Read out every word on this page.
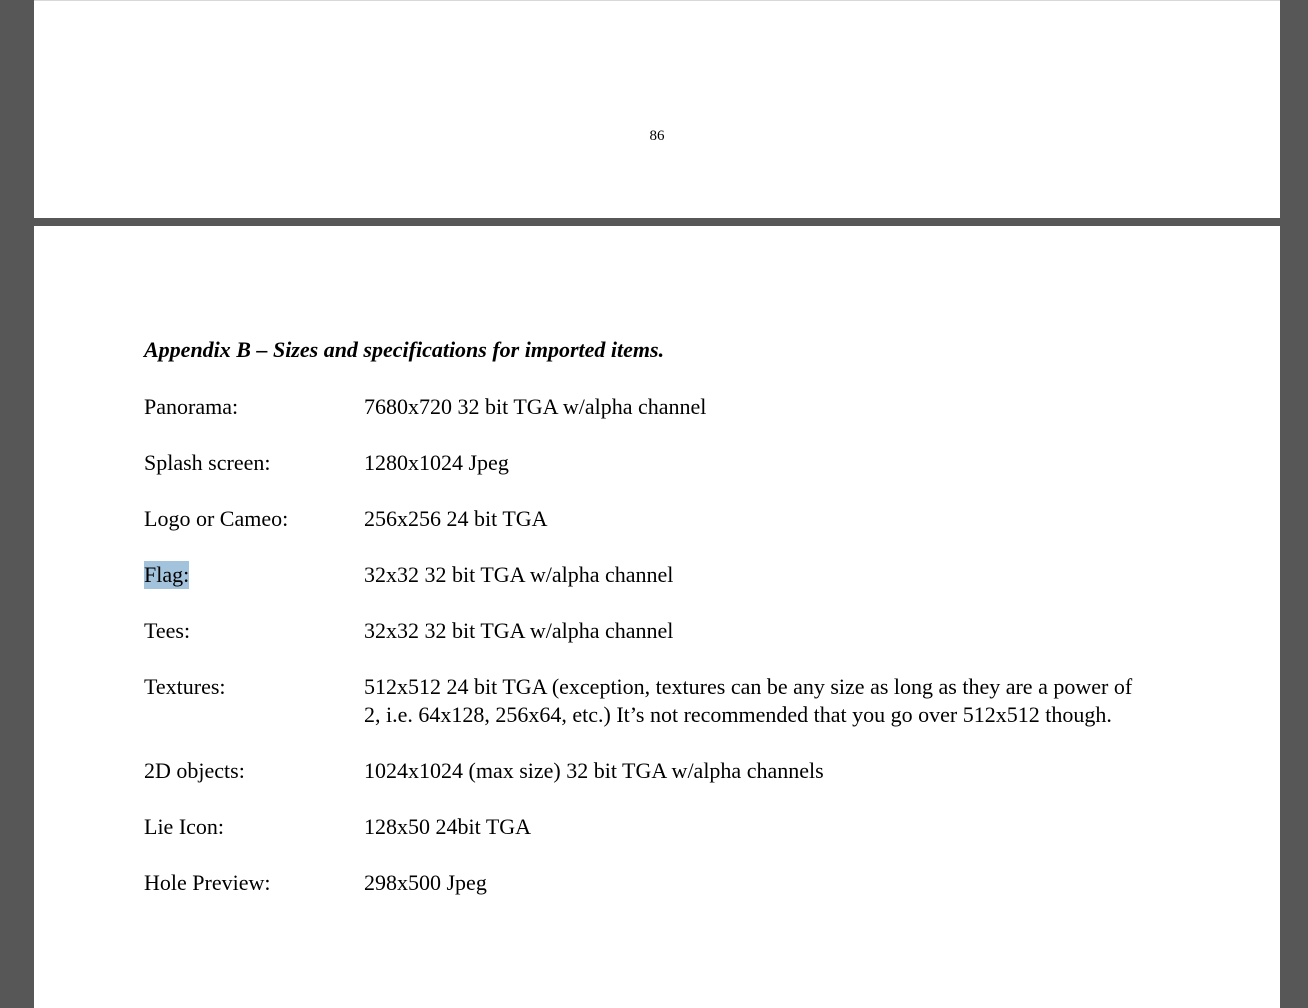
86
Appendix B – Sizes and specifications for imported items.
Panorama:	7680x720 32 bit TGA w/alpha channel
Splash screen:	1280x1024 Jpeg
Logo or Cameo:	256x256 24 bit TGA
Flag:	32x32 32 bit TGA w/alpha channel
Tees:	32x32 32 bit TGA w/alpha channel
Textures:	512x512 24 bit TGA (exception, textures can be any size as long as they are a power of 2, i.e. 64x128, 256x64, etc.) It’s not recommended that you go over 512x512 though.
2D objects:	1024x1024 (max size) 32 bit TGA w/alpha channels
Lie Icon:	128x50 24bit TGA
Hole Preview:	298x500 Jpeg
